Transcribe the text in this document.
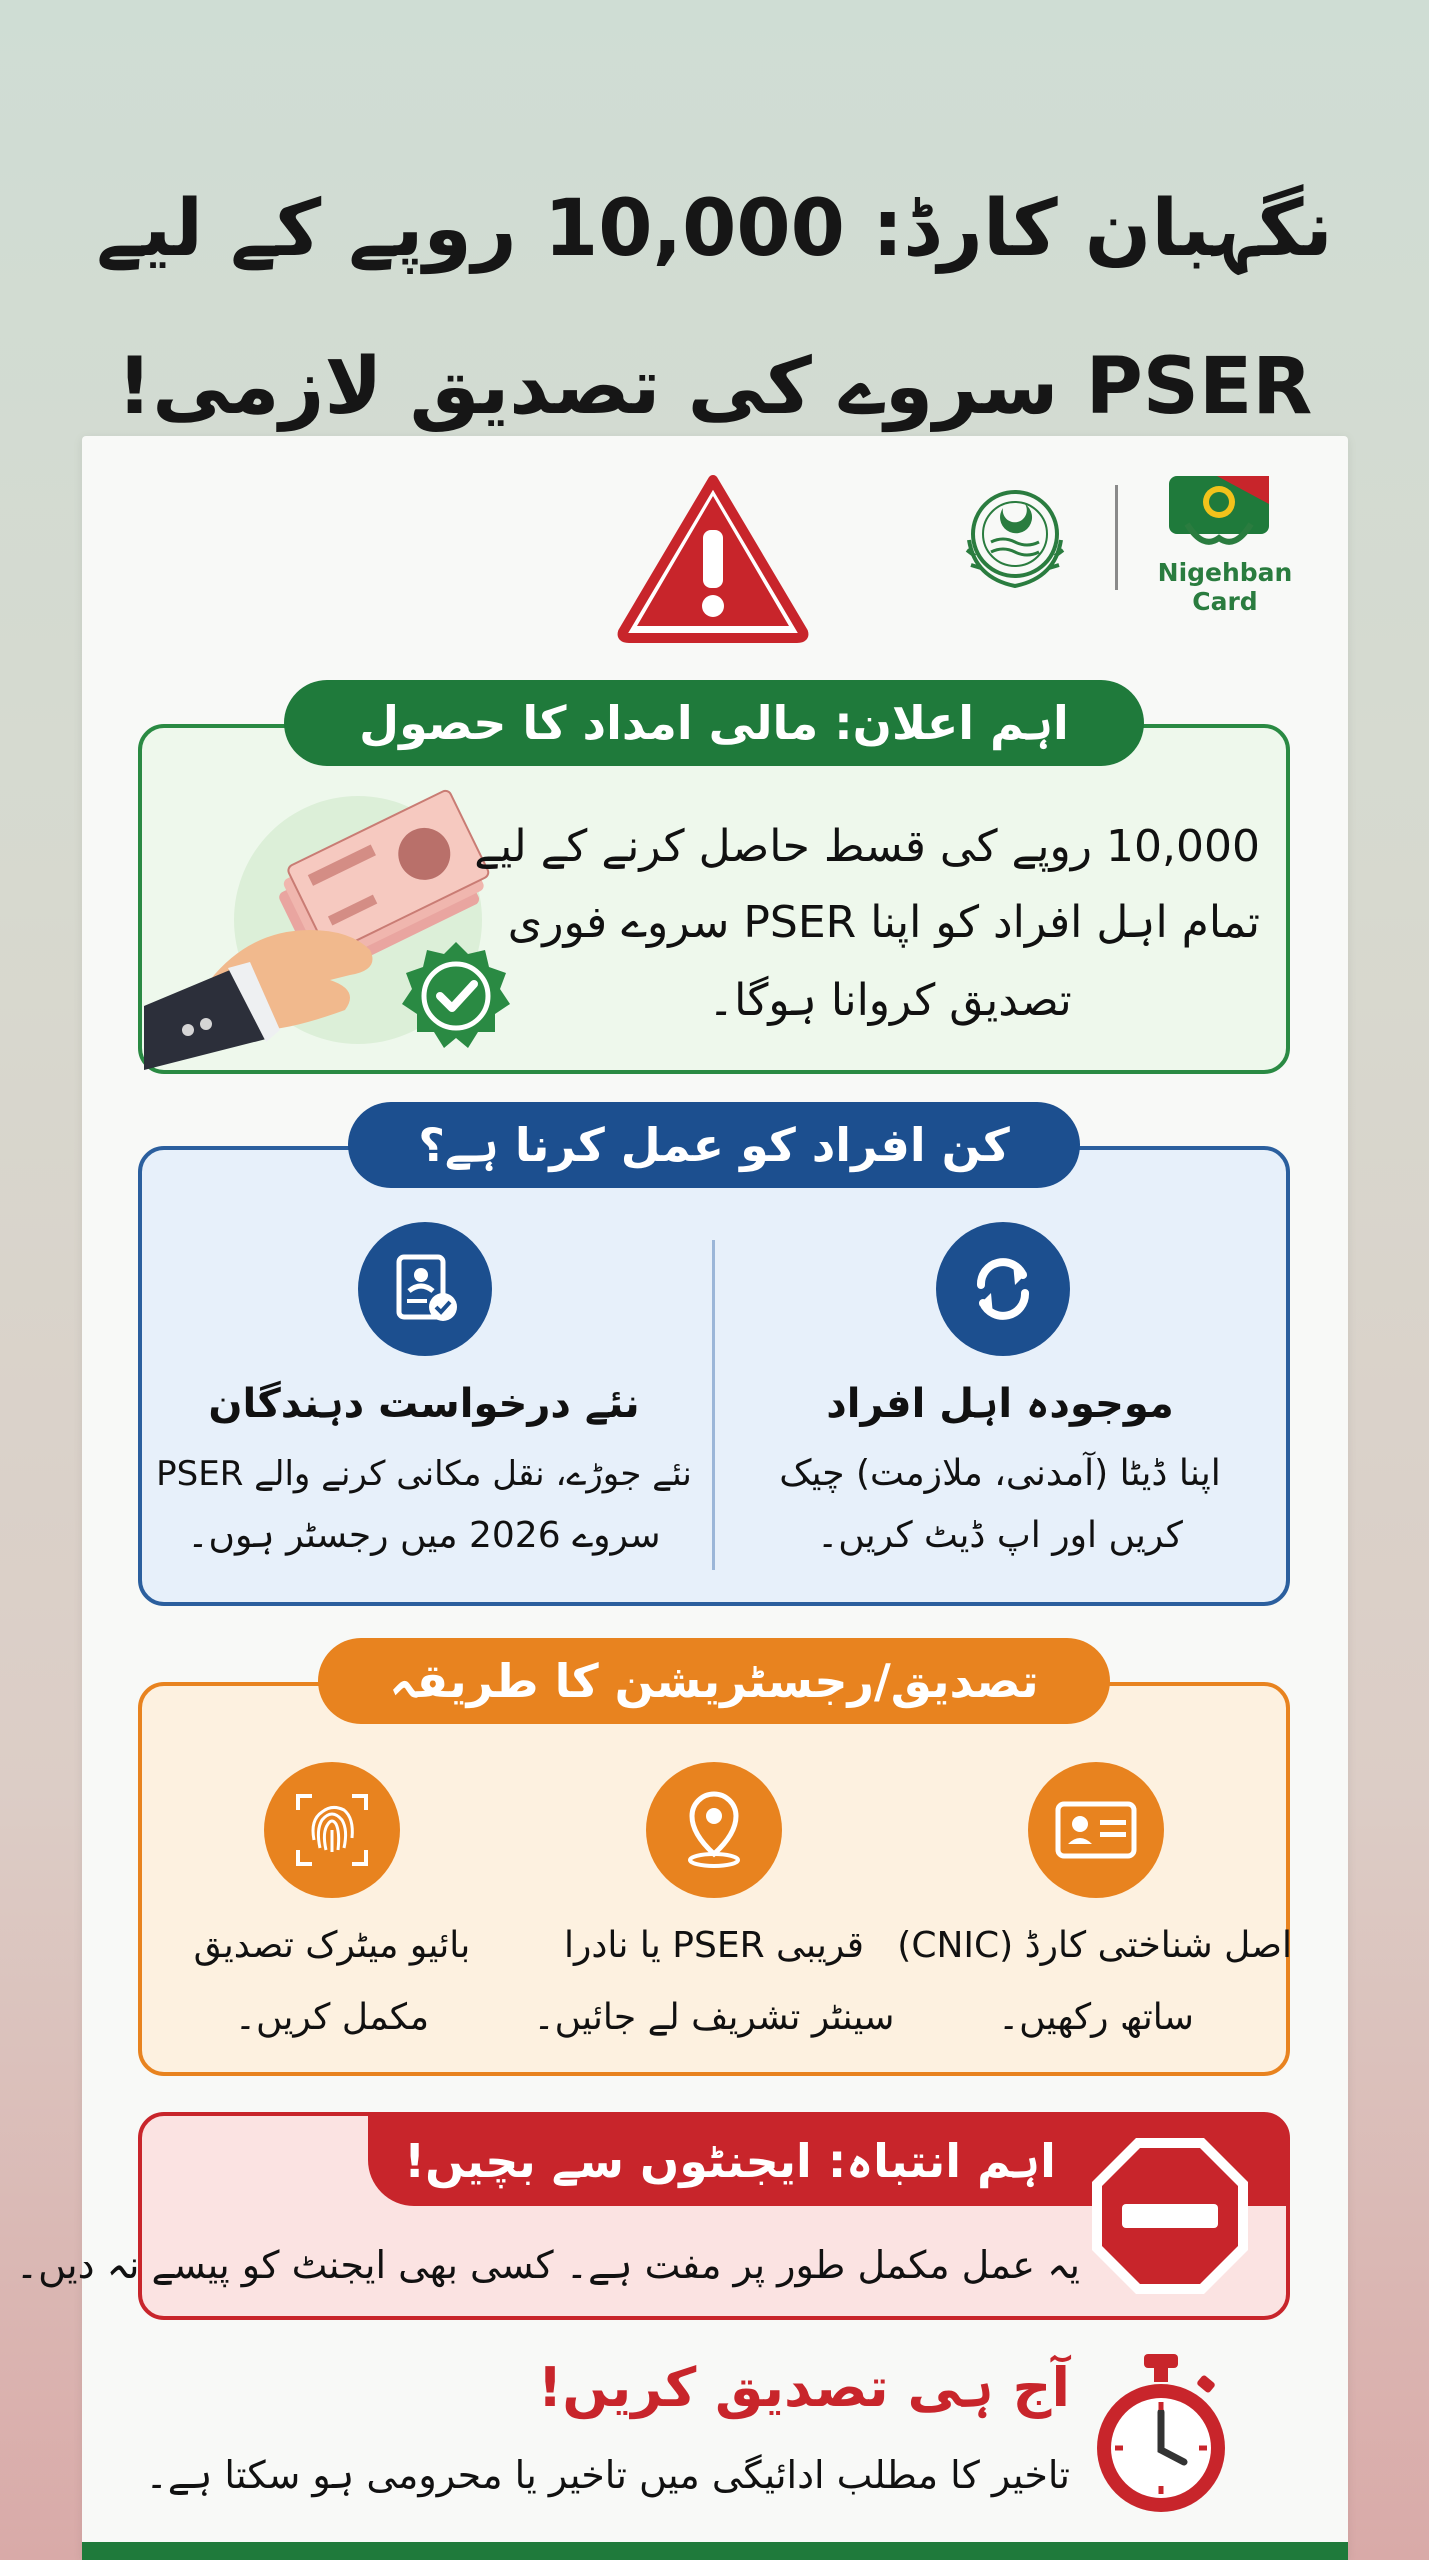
نگہبان کارڈ: 10,000 روپے کے لیے
PSER سروے کی تصدیق لازمی!
Nigehban Card
اہم اعلان: مالی امداد کا حصول
10,000 روپے کی قسط حاصل کرنے کے لیے
تمام اہل افراد کو اپنا PSER سروے فوری
تصدیق کروانا ہوگا۔
کن افراد کو عمل کرنا ہے؟
موجودہ اہل افراد
اپنا ڈیٹا (آمدنی، ملازمت) چیک
کریں اور اپ ڈیٹ کریں۔
نئے درخواست دہندگان
نئے جوڑے، نقل مکانی کرنے والے PSER
سروے 2026 میں رجسٹر ہوں۔
تصدیق/رجسٹریشن کا طریقہ
اصل شناختی کارڈ (CNIC)
ساتھ رکھیں۔
قریبی PSER یا نادرا
سینٹر تشریف لے جائیں۔
بائیو میٹرک تصدیق
مکمل کریں۔
اہم انتباہ: ایجنٹوں سے بچیں!
یہ عمل مکمل طور پر مفت ہے۔ کسی بھی ایجنٹ کو پیسے نہ دیں۔
آج ہی تصدیق کریں!
تاخیر کا مطلب ادائیگی میں تاخیر یا محرومی ہو سکتا ہے۔
